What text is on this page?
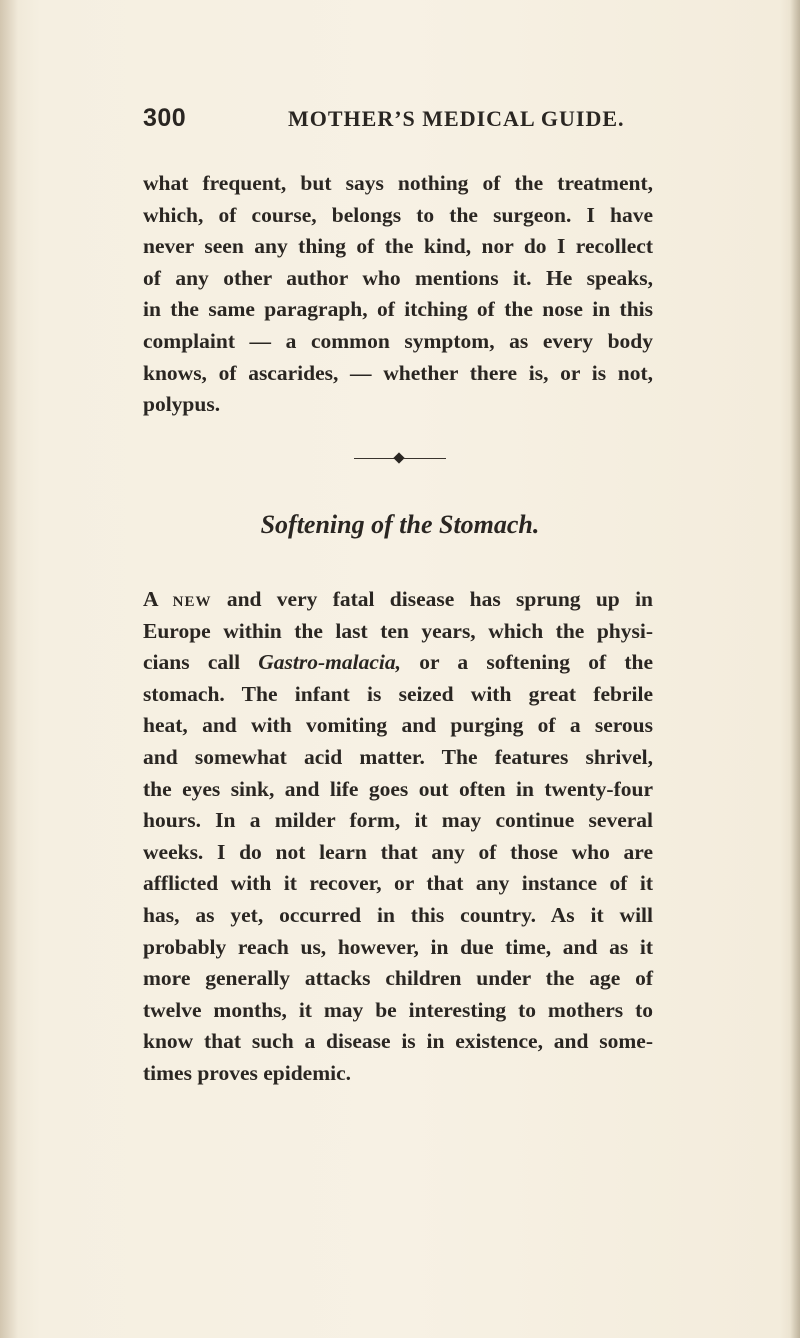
300	MOTHER’S MEDICAL GUIDE.
what frequent, but says nothing of the treatment,
which, of course, belongs to the surgeon. I have
never seen any thing of the kind, nor do I recollect
of any other author who mentions it. He speaks,
in the same paragraph, of itching of the nose in this
complaint — a common symptom, as every body
knows, of ascarides, — whether there is, or is not,
polypus.
Softening of the Stomach.
A new and very fatal disease has sprung up in
Europe within the last ten years, which the physi-
cians call Gastro-malacia, or a softening of the
stomach. The infant is seized with great febrile
heat, and with vomiting and purging of a serous
and somewhat acid matter. The features shrivel,
the eyes sink, and life goes out often in twenty-four
hours. In a milder form, it may continue several
weeks. I do not learn that any of those who are
afflicted with it recover, or that any instance of it
has, as yet, occurred in this country. As it will
probably reach us, however, in due time, and as it
more generally attacks children under the age of
twelve months, it may be interesting to mothers to
know that such a disease is in existence, and some-
times proves epidemic.
